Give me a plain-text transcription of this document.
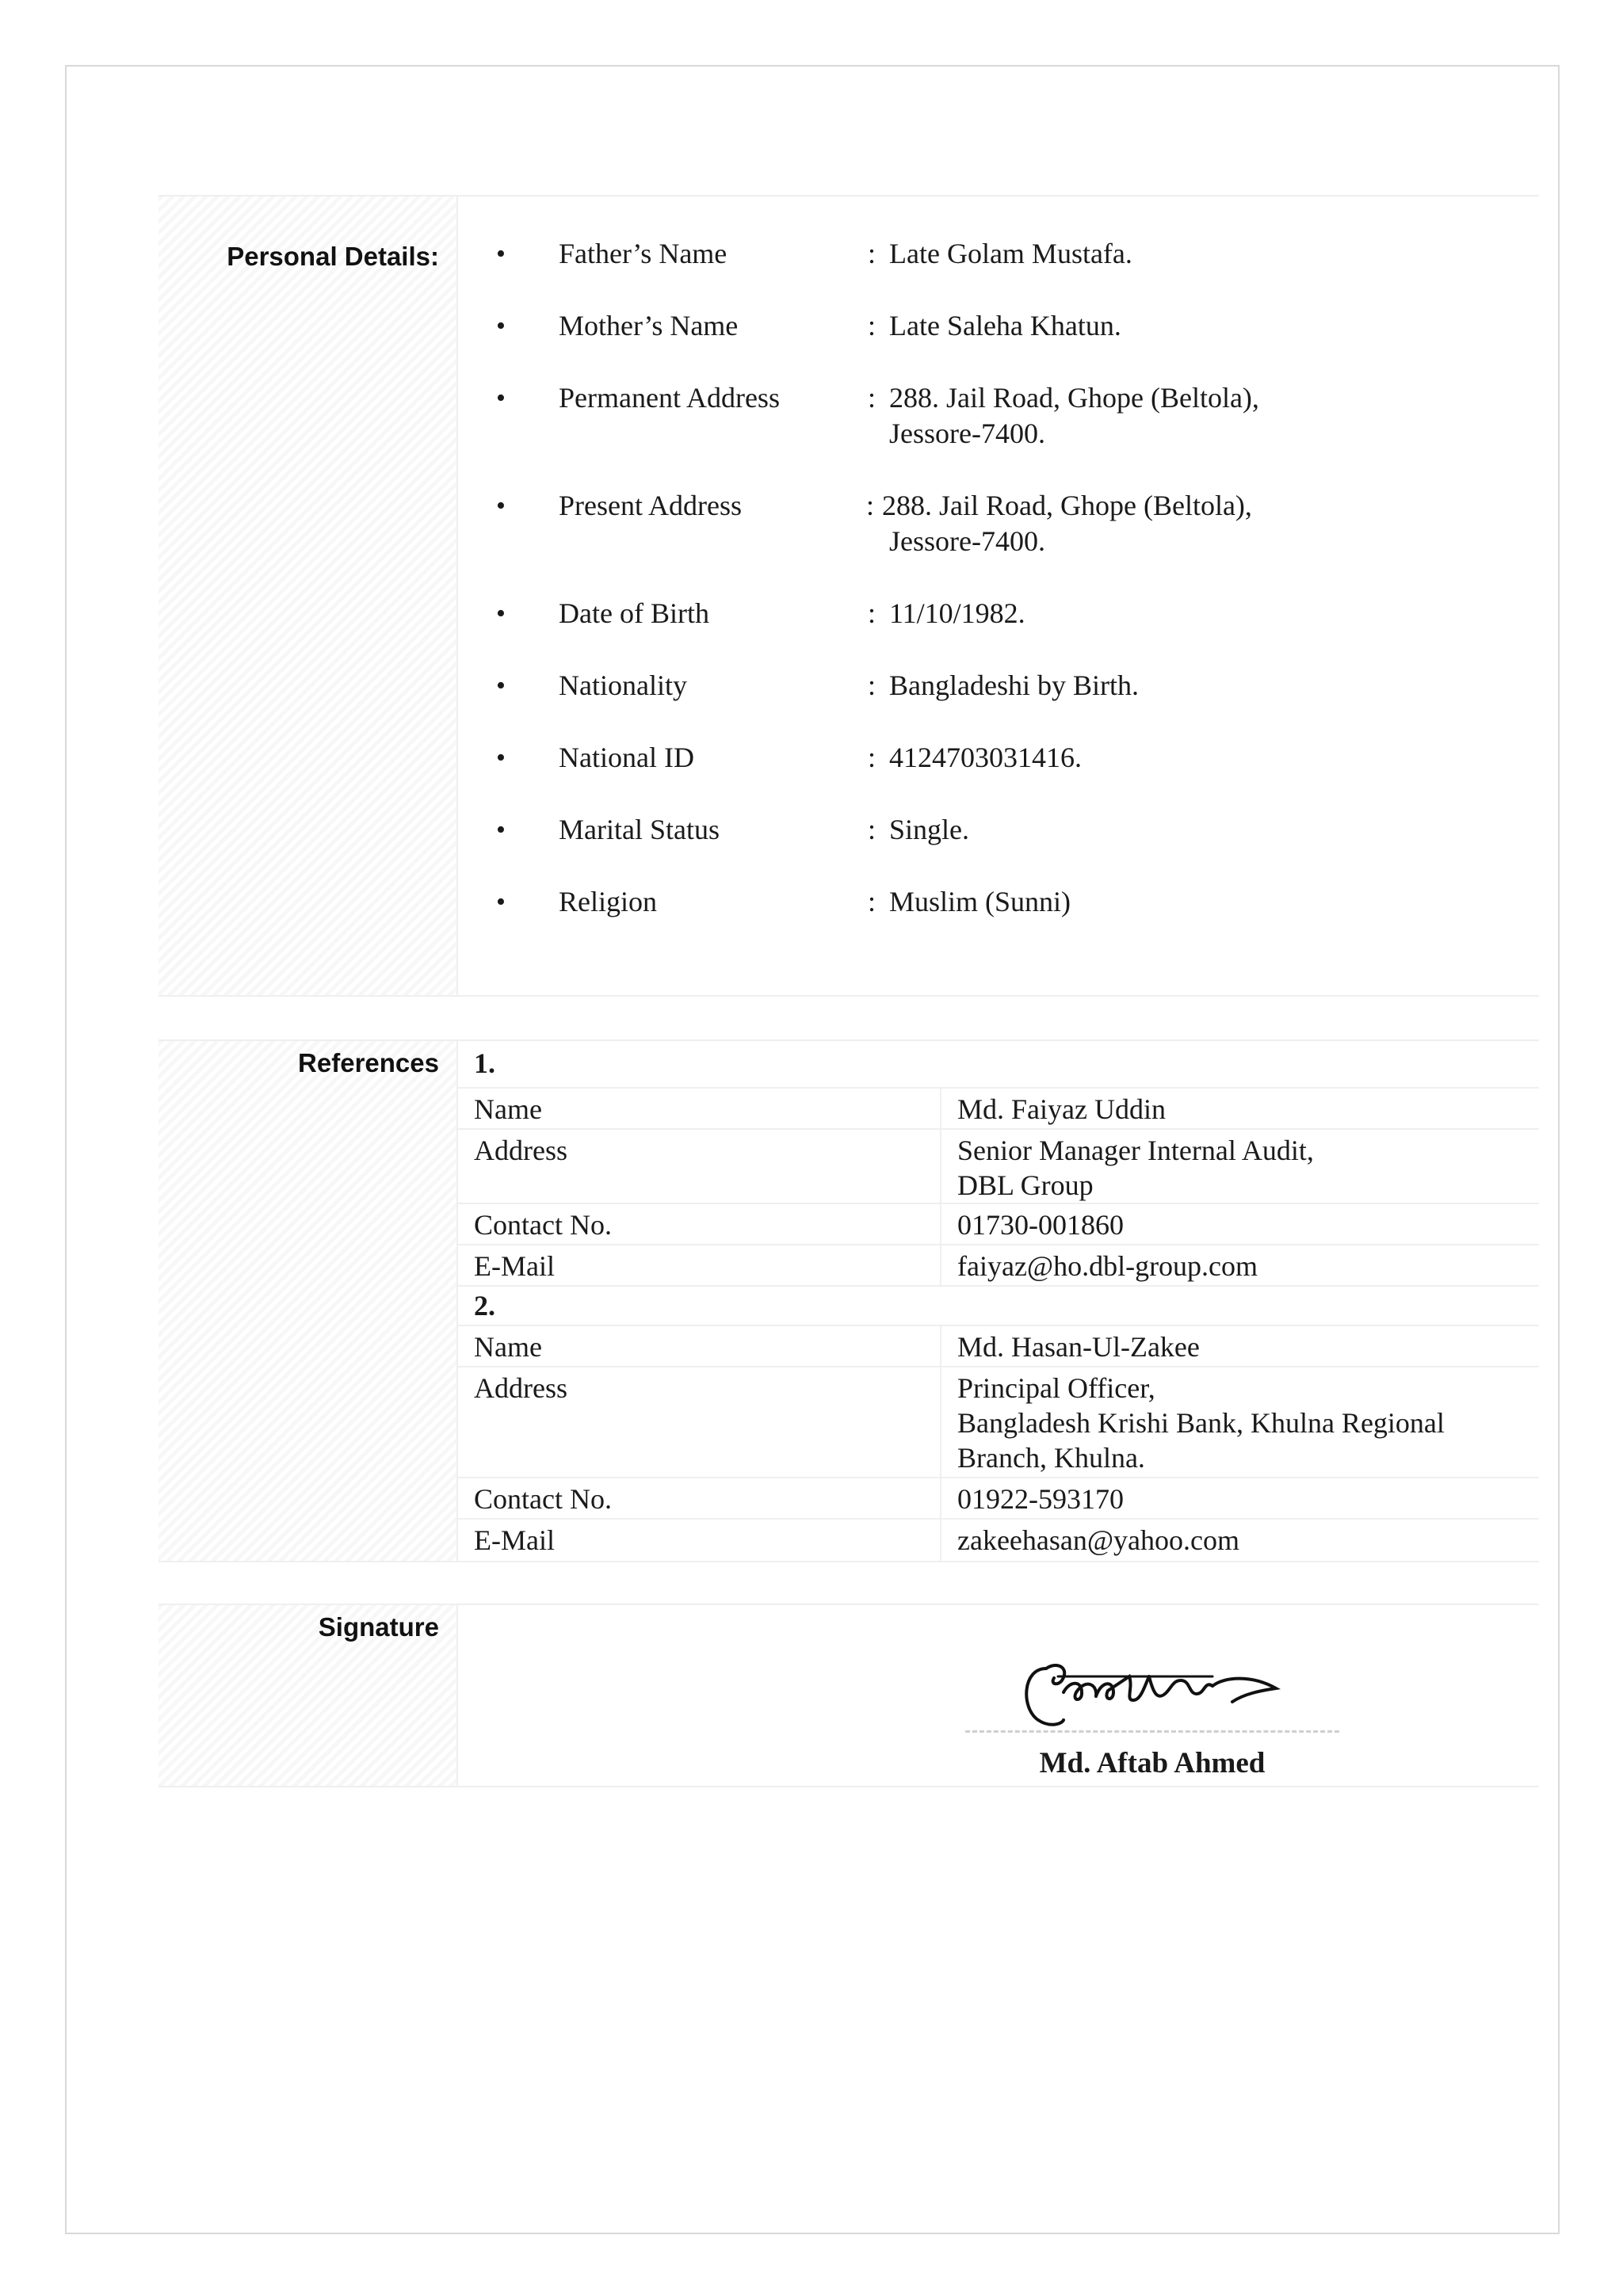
Personal Details: • Father’s Name	: Late Golam Mustafa.
• Mother’s Name	: Late Saleha Khatun.
• Permanent Address	: 288. Jail Road, Ghope (Beltola),
Jessore-7400.
• Present Address	: 288. Jail Road, Ghope (Beltola),
Jessore-7400.
• Date of Birth	: 11/10/1982.
• Nationality	: Bangladeshi by Birth.
• National ID	: 4124703031416.
• Marital Status	: Single.
• Religion	: Muslim (Sunni)
References 1.
Name	Md. Faiyaz Uddin
Address	Senior Manager Internal Audit,
DBL Group
Contact No.	01730-001860
E-Mail	faiyaz@ho.dbl-group.com
2.
Name	Md. Hasan-Ul-Zakee
Address	Principal Officer,
Bangladesh Krishi Bank, Khulna Regional
Branch, Khulna.
Contact No.	01922-593170
E-Mail	zakeehasan@yahoo.com
Signature
Md. Aftab Ahmed
